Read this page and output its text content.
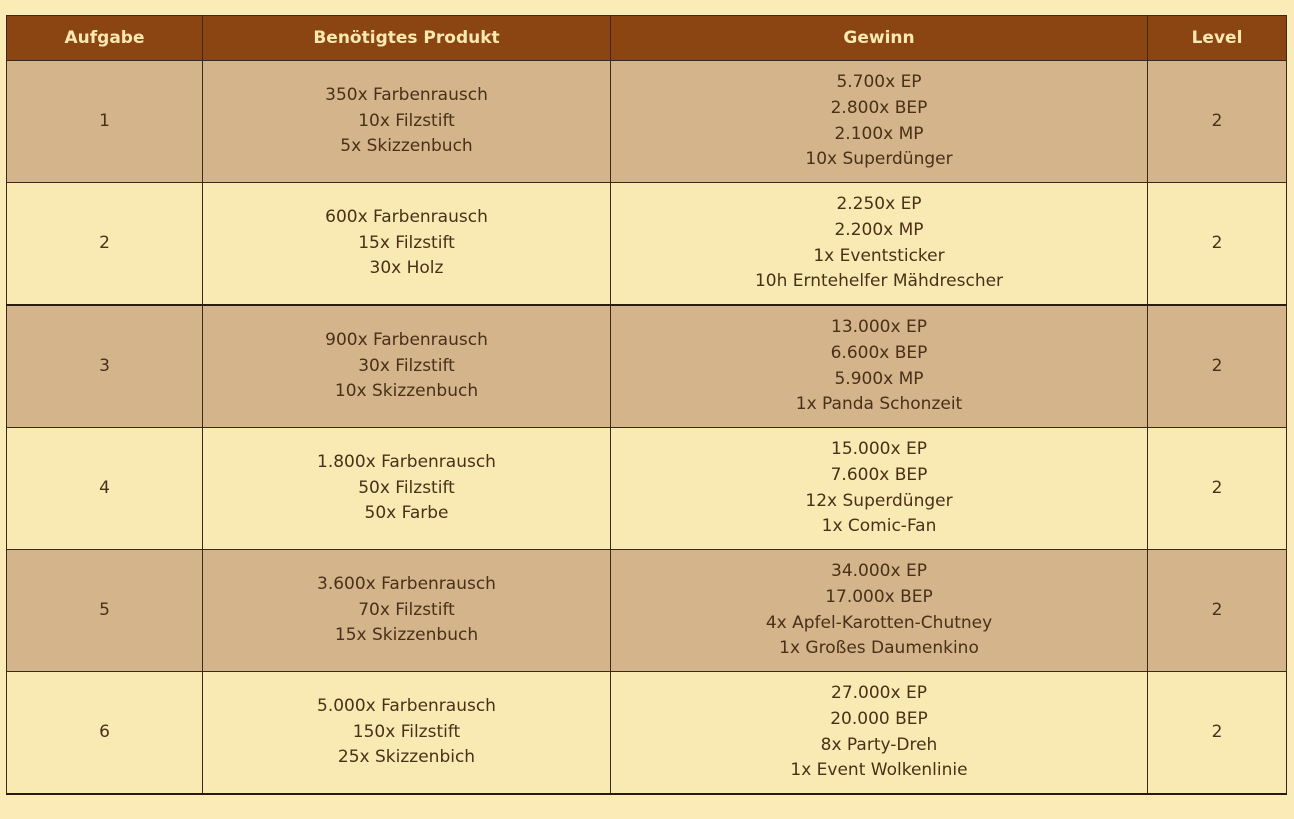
Aufgabe	Benötigtes Produkt	Gewinn	Level
1	350x Farbenrausch
10x Filzstift
5x Skizzenbuch	5.700x EP
2.800x BEP
2.100x MP
10x Superdünger	2
2	600x Farbenrausch
15x Filzstift
30x Holz	2.250x EP
2.200x MP
1x Eventsticker
10h Erntehelfer Mähdrescher	2
3	900x Farbenrausch
30x Filzstift
10x Skizzenbuch	13.000x EP
6.600x BEP
5.900x MP
1x Panda Schonzeit	2
4	1.800x Farbenrausch
50x Filzstift
50x Farbe	15.000x EP
7.600x BEP
12x Superdünger
1x Comic-Fan	2
5	3.600x Farbenrausch
70x Filzstift
15x Skizzenbuch	34.000x EP
17.000x BEP
4x Apfel-Karotten-Chutney
1x Großes Daumenkino	2
6	5.000x Farbenrausch
150x Filzstift
25x Skizzenbich	27.000x EP
20.000 BEP
8x Party-Dreh
1x Event Wolkenlinie	2
